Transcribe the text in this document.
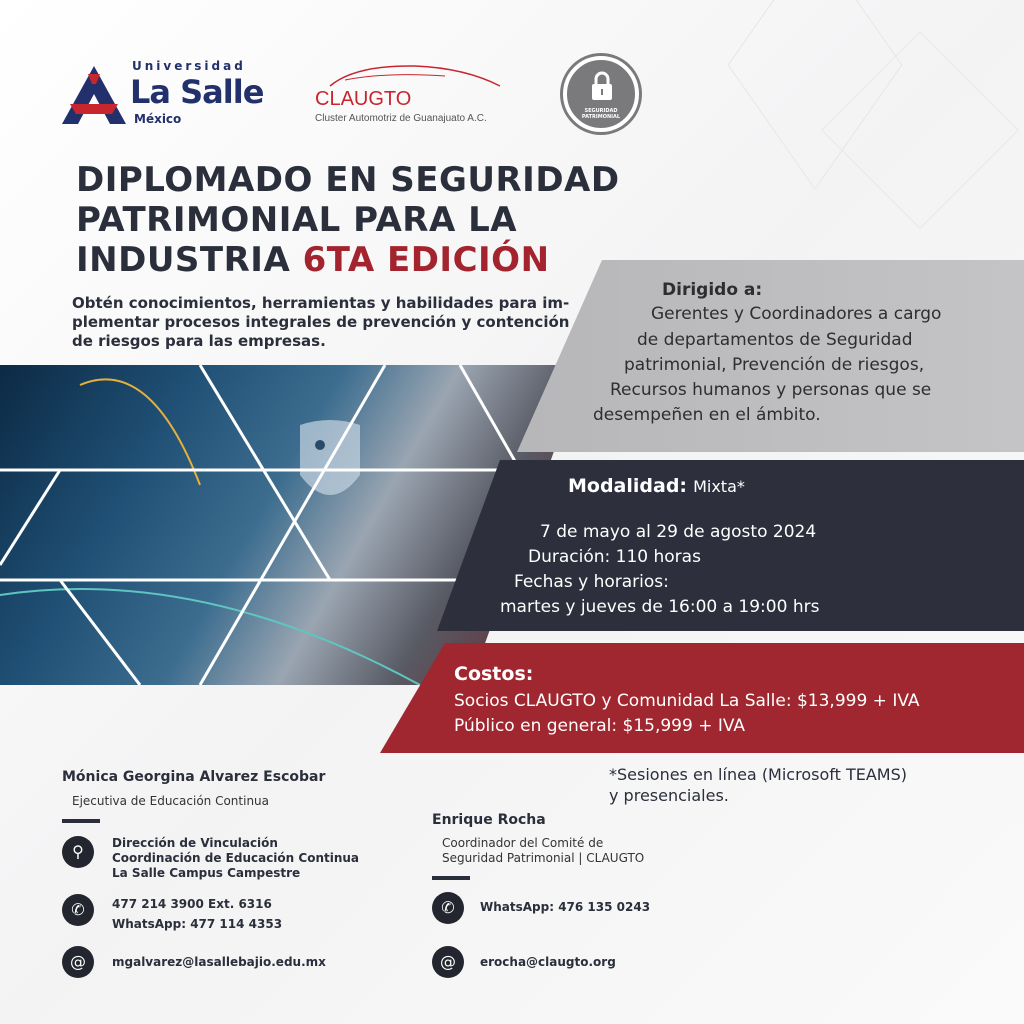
Universidad
La Salle
México
CLAUGTO
Cluster Automotriz de Guanajuato A.C.
SEGURIDAD PATRIMONIAL
DIPLOMADO EN SEGURIDAD
PATRIMONIAL PARA LA
INDUSTRIA 6TA EDICIÓN
Obtén conocimientos, herramientas y habilidades para im-plementar procesos integrales de prevención y contención de riesgos para las empresas.
Dirigido a:
Gerentes y Coordinadores a cargo
de departamentos de Seguridad
patrimonial, Prevención de riesgos,
Recursos humanos y personas que se
desempeñen en el ámbito.
Modalidad: Mixta*
7 de mayo al 29 de agosto 2024
Duración: 110 horas
Fechas y horarios:
martes y jueves de 16:00 a 19:00 hrs
Costos:
Socios CLAUGTO y Comunidad La Salle: $13,999 + IVA
Público en general: $15,999 + IVA
*Sesiones en línea (Microsoft TEAMS)
y presenciales.
Mónica Georgina Alvarez Escobar
Ejecutiva de Educación Continua
⚲	Dirección de Vinculación
Coordinación de Educación Continua
La Salle Campus Campestre
✆	477 214 3900 Ext. 6316
WhatsApp: 477 114 4353
@	mgalvarez@lasallebajio.edu.mx
Enrique Rocha
Coordinador del Comité de
Seguridad Patrimonial | CLAUGTO
✆	WhatsApp: 476 135 0243
@	erocha@claugto.org
